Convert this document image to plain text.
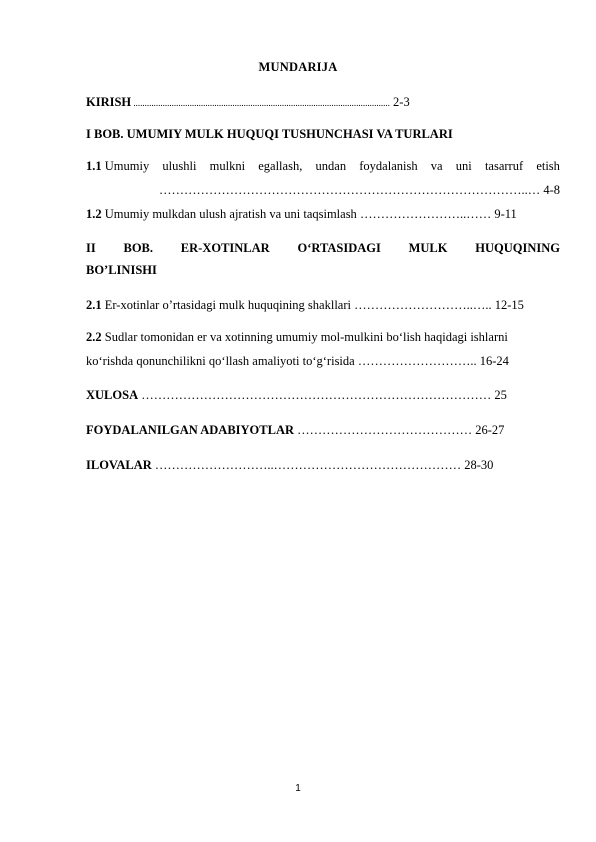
MUNDARIJA
KIRISH .................................................................................................................. 2-3
I BOB. UMUMIY MULK HUQUQI TUSHUNCHASI VA TURLARI
1.1 Umumiy ulushli mulkni egallash, undan foydalanish va uni tasarruf etish
……………………………………………………………………………..… 4-8
1.2 Umumiy mulkdan ulush ajratish va uni taqsimlash ……………………..…… 9-11
II BOB. ER-XOTINLAR O‘RTASIDAGI MULK HUQUQINING
BO’LINISHI
2.1 Er-xotinlar o’rtasidagi mulk huquqining shakllari ………………………..….. 12-15
2.2 Sudlar tomonidan er va xotinning umumiy mol-mulkini bo‘lish haqidagi ishlarni
ko‘rishda qonunchilikni qo‘llash amaliyoti to‘g‘risida ……………………….. 16-24
XULOSA ………………………………………………………………………… 25
FOYDALANILGAN ADABIYOTLAR …………………………………… 26-27
ILOVALAR ………………………..……………………………………… 28-30
1
